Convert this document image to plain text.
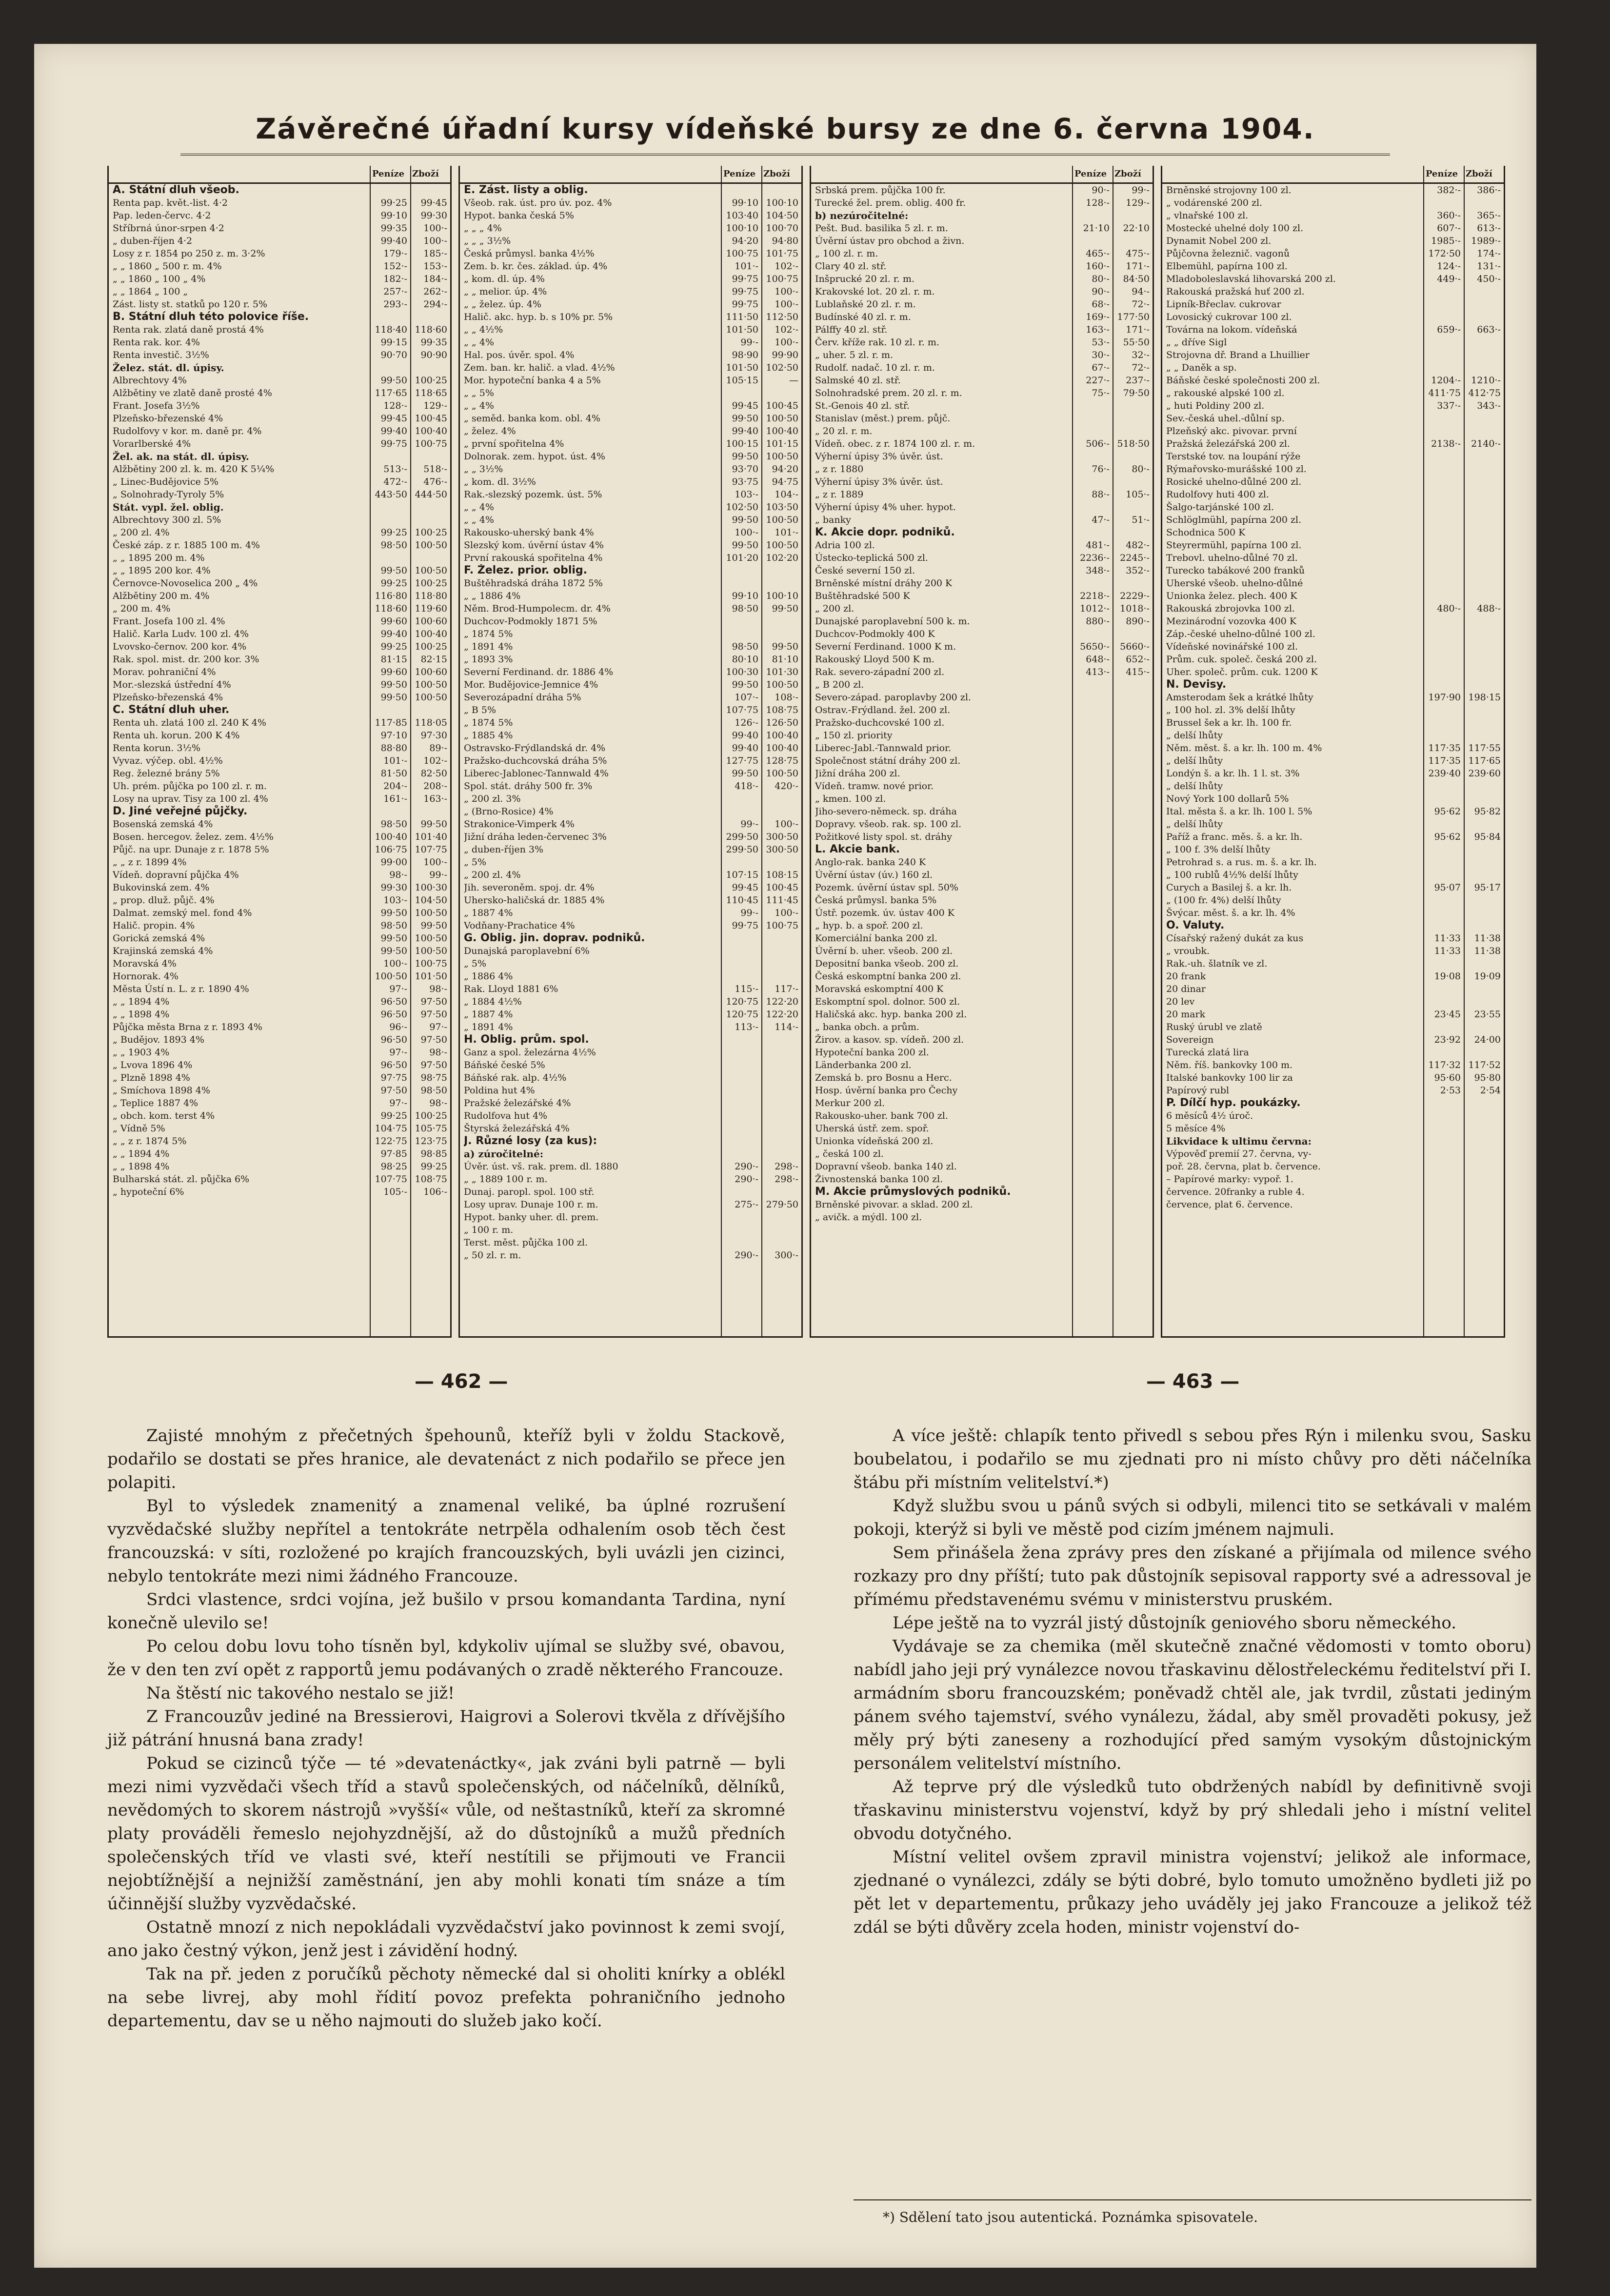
Závěrečné úřadní kursy vídeňské bursy ze dne 6. června 1904.
Peníze Zboží
A. Státní dluh všeob.
Renta pap. květ.-list. 4·2	99·25	99·45
Pap. leden-červc. 4·2	99·10	99·30
Stříbrná únor-srpen 4·2	99·35	100·-
„ duben-říjen 4·2	99·40	100·-
Losy z r. 1854 po 250 z. m. 3·2%	179·-	185·-
„ „ 1860 „ 500 r. m. 4%	152·-	153·-
„ „ 1860 „ 100 „ 4%	182·-	184·-
„ „ 1864 „ 100 „	257·-	262·-
Zást. listy st. statků po 120 r. 5%	293·-	294·-
B. Státní dluh této polovice říše.
Renta rak. zlatá daně prostá 4%	118·40 118·60
Renta rak. kor. 4%	99·15	99·35
Renta investič. 3½%	90·70	90·90
Želez. stát. dl. úpisy.
Albrechtovy 4%	99·50 100·25
Alžbětiny ve zlatě daně prosté 4%	117·65 118·65
Frant. Josefa 3½%	128·-	129·-
Plzeňsko-březenské 4%	99·45 100·45
Rudolfovy v kor. m. daně pr. 4%	99·40 100·40
Vorarlberské 4%	99·75 100·75
Žel. ak. na stát. dl. úpisy.
Alžbětiny 200 zl. k. m. 420 K 5¼%	513·-	518·-
„ Linec-Budějovice 5%	472·-	476·-
„ Solnohrady-Tyroly 5%	443·50 444·50
Stát. vypl. žel. oblig.
Albrechtovy 300 zl. 5%
„ 200 zl. 4%	99·25 100·25
České záp. z r. 1885 100 m. 4%	98·50 100·50
„ „ 1895 200 m. 4%
„ „ 1895 200 kor. 4%	99·50 100·50
Černovce-Novoselica 200 „ 4%	99·25 100·25
Alžbětiny 200 m. 4%	116·80 118·80
„ 200 m. 4%	118·60 119·60
Frant. Josefa 100 zl. 4%	99·60 100·60
Halič. Karla Ludv. 100 zl. 4%	99·40 100·40
Lvovsko-černov. 200 kor. 4%	99·25 100·25
Rak. spol. mist. dr. 200 kor. 3%	81·15	82·15
Morav. pohraniční 4%	99·60 100·60
Mor.-slezská ústřední 4%	99·50 100·50
Plzeňsko-březenská 4%	99·50 100·50
C. Státní dluh uher.
Renta uh. zlatá 100 zl. 240 K 4%	117·85 118·05
Renta uh. korun. 200 K 4%	97·10	97·30
Renta korun. 3½%	88·80	89·-
Vyvaz. výčep. obl. 4½%	101·-	102·-
Reg. železné brány 5%	81·50	82·50
Uh. prém. půjčka po 100 zl. r. m.	204·-	208·-
Losy na uprav. Tisy za 100 zl. 4%	161·-	163·-
D. Jiné veřejné půjčky.
Bosenská zemská 4%	98·50	99·50
Bosen. hercegov. želez. zem. 4½%	100·40 101·40
Půjč. na upr. Dunaje z r. 1878 5%	106·75 107·75
„ „ z r. 1899 4%	99·00	100·-
Vídeň. dopravní půjčka 4%	98·-	99·-
Bukovinská zem. 4%	99·30 100·30
„ prop. dluž. půjč. 4%	103·- 104·50
Dalmat. zemský mel. fond 4%	99·50 100·50
Halič. propin. 4%	98·50	99·50
Gorická zemská 4%	99·50 100·50
Krajinská zemská 4%	99·50 100·50
Moravská 4%	100·- 100·75
Hornorak. 4%	100·50 101·50
Města Ústí n. L. z r. 1890 4%	97·-	98·-
„ „ 1894 4%	96·50	97·50
„ „ 1898 4%	96·50	97·50
Půjčka města Brna z r. 1893 4%	96·-	97·-
„ Budějov. 1893 4%	96·50	97·50
„ „ 1903 4%	97·-	98·-
„ Lvova 1896 4%	96·50	97·50
„ Plzně 1898 4%	97·75	98·75
„ Smíchova 1898 4%	97·50	98·50
„ Teplice 1887 4%	97·-	98·-
„ obch. kom. terst 4%	99·25 100·25
„ Vídně 5%	104·75 105·75
„ „ z r. 1874 5%	122·75 123·75
„ „ 1894 4%	97·85	98·85
„ „ 1898 4%	98·25	99·25
Bulharská stát. zl. půjčka 6%	107·75 108·75
„ hypoteční 6%	105·-	106·-
Peníze Zboží
E. Zást. listy a oblig.
Všeob. rak. úst. pro úv. poz. 4%	99·10 100·10
Hypot. banka česká 5%	103·40 104·50
„ „ „ 4%	100·10 100·70
„ „ „ 3½%	94·20	94·80
Česká průmysl. banka 4½%	100·75 101·75
Zem. b. kr. čes. základ. úp. 4%	101·-	102·-
„ kom. dl. úp. 4%	99·75 100·75
„ „ melior. úp. 4%	99·75	100·-
„ „ želez. úp. 4%	99·75	100·-
Halič. akc. hyp. b. s 10% pr. 5%	111·50 112·50
„ „ 4½%	101·50	102·-
„ „ 4%	99·-	100·-
Hal. pos. úvěr. spol. 4%	98·90	99·90
Zem. ban. kr. halič. a vlad. 4½%	101·50 102·50
Mor. hypoteční banka 4 a 5%	105·15	—
„ „ 5%
„ „ 4%	99·45 100·45
„ seměd. banka kom. obl. 4%	99·50 100·50
„ želez. 4%	99·40 100·40
„ první spořitelna 4%	100·15 101·15
Dolnorak. zem. hypot. úst. 4%	99·50 100·50
„ „ 3½%	93·70	94·20
„ kom. dl. 3½%	93·75	94·75
Rak.-slezský pozemk. úst. 5%	103·-	104·-
„ „ 4%	102·50 103·50
„ „ 4%	99·50 100·50
Rakousko-uherský bank 4%	100·-	101·-
Slezský kom. úvěrní ústav 4%	99·50 100·50
První rakouská spořitelna 4%	101·20 102·20
F. Želez. prior. oblig.
Buštěhradská dráha 1872 5%
„ „ 1886 4%	99·10 100·10
Něm. Brod-Humpolecm. dr. 4%	98·50	99·50
Duchcov-Podmokly 1871 5%
„ 1874 5%
„ 1891 4%	98·50	99·50
„ 1893 3%	80·10	81·10
Severní Ferdinand. dr. 1886 4%	100·30 101·30
Mor. Budějovice-Jemnice 4%	99·50 100·50
Severozápadní dráha 5%	107·-	108·-
„ B 5%	107·75 108·75
„ 1874 5%	126·- 126·50
„ 1885 4%	99·40 100·40
Ostravsko-Frýdlandská dr. 4%	99·40 100·40
Pražsko-duchcovská dráha 5%	127·75 128·75
Liberec-Jablonec-Tannwald 4%	99·50 100·50
Spol. stát. dráhy 500 fr. 3%	418·-	420·-
„ 200 zl. 3%
„ (Brno-Rosice) 4%
Strakonice-Vimperk 4%	99·-	100·-
Jižní dráha leden-červenec 3%	299·50 300·50
„ duben-říjen 3%	299·50 300·50
„ 5%
„ 200 zl. 4%	107·15 108·15
Jih. severoněm. spoj. dr. 4%	99·45 100·45
Uhersko-haličská dr. 1885 4%	110·45 111·45
„ 1887 4%	99·-	100·-
Vodňany-Prachatice 4%	99·75 100·75
G. Oblig. jin. doprav. podniků.
Dunajská paroplavební 6%
„ 5%
„ 1886 4%
Rak. Lloyd 1881 6%	115·-	117·-
„ 1884 4½%	120·75 122·20
„ 1887 4%	120·75 122·20
„ 1891 4%	113·-	114·-
H. Oblig. prům. spol.
Ganz a spol. železárna 4½%
Báňské české 5%
Báňské rak. alp. 4½%
Poldina hut 4%
Pražské železářské 4%
Rudolfova hut 4%
Štyrská železářská 4%
J. Různé losy (za kus):
a) zúročitelné:
Úvěr. úst. vš. rak. prem. dl. 1880	290·-	298·-
„ „ 1889 100 r. m.	290·-	298·-
Dunaj. paropl. spol. 100 stř.
Losy uprav. Dunaje 100 r. m.	275·- 279·50
Hypot. banky uher. dl. prem.
„ 100 r. m.
Terst. měst. půjčka 100 zl.
„ 50 zl. r. m.	290·-	300·-
Peníze Zboží
Srbská prem. půjčka 100 fr.	90·-	99·-
Turecké žel. prem. oblig. 400 fr.	128·-	129·-
b) nezúročitelné:
Pešt. Bud. basilika 5 zl. r. m.	21·10	22·10
Úvěrní ústav pro obchod a živn.
„ 100 zl. r. m.	465·-	475·-
Clary 40 zl. stř.	160·-	171·-
Inšprucké 20 zl. r. m.	80·-	84·50
Krakovské lot. 20 zl. r. m.	90·-	94·-
Lublaňské 20 zl. r. m.	68·-	72·-
Budínské 40 zl. r. m.	169·- 177·50
Pálffy 40 zl. stř.	163·-	171·-
Červ. kříže rak. 10 zl. r. m.	53·-	55·50
„ uher. 5 zl. r. m.	30·-	32·-
Rudolf. nadač. 10 zl. r. m.	67·-	72·-
Salmské 40 zl. stř.	227·-	237·-
Solnohradské prem. 20 zl. r. m.	75·-	79·50
St.-Genois 40 zl. stř.
Stanislav (měst.) prem. půjč.
„ 20 zl. r. m.
Vídeň. obec. z r. 1874 100 zl. r. m.	506·- 518·50
Výherní úpisy 3% úvěr. úst.
„ z r. 1880	76·-	80·-
Výherní úpisy 3% úvěr. úst.
„ z r. 1889	88·-	105·-
Výherní úpisy 4% uher. hypot.
„ banky	47·-	51·-
K. Akcie dopr. podniků.
Adria 100 zl.	481·-	482·-
Ústecko-teplická 500 zl.	2236·-	2245·-
České severní 150 zl.	348·-	352·-
Brněnské místní dráhy 200 K
Buštěhradské 500 K	2218·-	2229·-
„ 200 zl.	1012·-	1018·-
Dunajské paroplavební 500 k. m.	880·-	890·-
Duchcov-Podmokly 400 K
Severní Ferdinand. 1000 K m.	5650·-	5660·-
Rakouský Lloyd 500 K m.	648·-	652·-
Rak. severo-západní 200 zl.	413·-	415·-
„ B 200 zl.
Severo-západ. paroplavby 200 zl.
Ostrav.-Frýdland. žel. 200 zl.
Pražsko-duchcovské 100 zl.
„ 150 zl. priority
Liberec-Jabl.-Tannwald prior.
Společnost státní dráhy 200 zl.
Jižní dráha 200 zl.
Vídeň. tramw. nové prior.
„ kmen. 100 zl.
Jiho-severo-německ. sp. dráha
Dopravy. všeob. rak. sp. 100 zl.
Požitkové listy spol. st. dráhy
L. Akcie bank.
Anglo-rak. banka 240 K
Úvěrní ústav (úv.) 160 zl.
Pozemk. úvěrní ústav spl. 50%
Česká průmysl. banka 5%
Ústř. pozemk. úv. ústav 400 K
„ hyp. b. a spoř. 200 zl.
Komerciální banka 200 zl.
Úvěrní b. uher. všeob. 200 zl.
Depositní banka všeob. 200 zl.
Česká eskomptní banka 200 zl.
Moravská eskomptní 400 K
Eskomptní spol. dolnor. 500 zl.
Haličská akc. hyp. banka 200 zl.
„ banka obch. a prům.
Žirov. a kasov. sp. vídeň. 200 zl.
Hypoteční banka 200 zl.
Länderbanka 200 zl.
Zemská b. pro Bosnu a Herc.
Hosp. úvěrní banka pro Čechy
Merkur 200 zl.
Rakousko-uher. bank 700 zl.
Uherská ústř. zem. spoř.
Unionka vídeňská 200 zl.
„ česká 100 zl.
Dopravní všeob. banka 140 zl.
Živnostenská banka 100 zl.
M. Akcie průmyslových podniků.
Brněnské pivovar. a sklad. 200 zl.
„ avičk. a mýdl. 100 zl.
Peníze Zboží
Brněnské strojovny 100 zl.	382·-	386·-
„ vodárenské 200 zl.
„ vlnařské 100 zl.	360·-	365·-
Mostecké uhelné doly 100 zl.	607·-	613·-
Dynamit Nobel 200 zl.	1985·-	1989·-
Půjčovna železnič. vagonů	172·50	174·-
Elbemühl, papírna 100 zl.	124·-	131·-
Mladoboleslavská lihovarská 200 zl.	449·-	450·-
Rakouská pražská huť 200 zl.
Lipník-Břeclav. cukrovar
Lovosický cukrovar 100 zl.
Továrna na lokom. vídeňská	659·-	663·-
„ „ dříve Sigl
Strojovna dř. Brand a Lhuillier
„ „ Daněk a sp.
Báňské české společnosti 200 zl.	1204·-	1210·-
„ rakouské alpské 100 zl.	411·75 412·75
„ huti Poldiny 200 zl.	337·-	343·-
Sev.-česká uhel.-důlní sp.
Plzeňský akc. pivovar. první
Pražská železářská 200 zl.	2138·-	2140·-
Terstské tov. na loupání rýže
Rýmařovsko-murášské 100 zl.
Rosické uhelno-důlné 200 zl.
Rudolfovy huti 400 zl.
Šalgo-tarjánské 100 zl.
Schlöglmühl, papírna 200 zl.
Schodnica 500 K
Steyrermühl, papírna 100 zl.
Trebovl. uhelno-důlné 70 zl.
Turecko tabákové 200 franků
Uherské všeob. uhelno-důlné
Unionka želez. plech. 400 K
Rakouská zbrojovka 100 zl.	480·-	488·-
Mezinárodní vozovka 400 K
Záp.-české uhelno-důlné 100 zl.
Vídeňské novinářské 100 zl.
Prům. cuk. společ. česká 200 zl.
Uher. společ. prům. cuk. 1200 K
N. Devisy.
Amsterodam šek a krátké lhůty	197·90 198·15
„ 100 hol. zl. 3% delší lhůty
Brussel šek a kr. lh. 100 fr.
„ delší lhůty
Něm. měst. š. a kr. lh. 100 m. 4%	117·35 117·55
„ delší lhůty	117·35 117·65
Londýn š. a kr. lh. 1 l. st. 3%	239·40 239·60
„ delší lhůty
Nový York 100 dollarů 5%
Ital. města š. a kr. lh. 100 l. 5%	95·62	95·82
„ delší lhůty
Paříž a franc. měs. š. a kr. lh.	95·62	95·84
„ 100 f. 3% delší lhůty
Petrohrad s. a rus. m. š. a kr. lh.
„ 100 rublů 4½% delší lhůty
Curych a Basilej š. a kr. lh.	95·07	95·17
„ (100 fr. 4%) delší lhůty
Švýcar. měst. š. a kr. lh. 4%
O. Valuty.
Císařský ražený dukát za kus	11·33	11·38
„ vroubk.	11·33	11·38
Rak.-uh. šlatník ve zl.
20 frank	19·08	19·09
20 dinar
20 lev
20 mark	23·45	23·55
Ruský úrubl ve zlatě
Sovereign	23·92	24·00
Turecká zlatá lira
Něm. říš. bankovky 100 m.	117·32 117·52
Italské bankovky 100 lir za	95·60	95·80
Papírový rubl	2·53	2·54
P. Dílčí hyp. poukázky.
6 měsíců 4½ úroč.
5 měsíce 4%
Likvidace k ultimu června:
Výpověď premií 27. června, vy-
poř. 28. června, plat b. července.
– Papírové marky: vypoř. 1.
července. 20franky a ruble 4.
července, plat 6. července.
— 462 —	— 463 —

Zajisté mnohým z přečetných špehounů, kteříž byli v žoldu Stackově, podařilo se dostati se přes hranice, ale devatenáct z nich podařilo se přece jen polapiti.

Byl to výsledek znamenitý a znamenal veliké, ba úplné rozrušení vyzvědačské služby nepřítel a tentokráte netrpěla odhalením osob těch čest francouzská: v síti, rozložené po krajích francouzských, byli uvázli jen cizinci, nebylo tentokráte mezi nimi žádného Francouze.

Srdci vlastence, srdci vojína, jež bušilo v prsou komandanta Tardina, nyní konečně ulevilo se!

Po celou dobu lovu toho tísněn byl, kdykoliv ujímal se služby své, obavou, že v den ten zví opět z rapportů jemu podávaných o zradě některého Francouze.

Na štěstí nic takového nestalo se již!

Z Francouzův jediné na Bressierovi, Haigrovi a Solerovi tkvěla z dřívějšího již pátrání hnusná bana zrady!

Pokud se cizinců týče — té »devatenáctky«, jak zváni byli patrně — byli mezi nimi vyzvědači všech tříd a stavů společenských, od náčelníků, dělníků, nevědomých to skorem nástrojů »vyšší« vůle, od neštastníků, kteří za skromné platy prováděli řemeslo nejohyzdnější, až do důstojníků a mužů předních společenských tříd ve vlasti své, kteří nestítili se přijmouti ve Francii nejobtížnější a nejnižší zaměstnání, jen aby mohli konati tím snáze a tím účinnější služby vyzvědačské.

Ostatně mnozí z nich nepokládali vyzvědačství jako povinnost k zemi svojí, ano jako čestný výkon, jenž jest i závidění hodný.

Tak na př. jeden z poručíků pěchoty německé dal si oholiti knírky a oblékl na sebe livrej, aby mohl řídití povoz prefekta pohraničního jednoho departementu, dav se u něho najmouti do služeb jako kočí.

A více ještě: chlapík tento přivedl s sebou přes Rýn i milenku svou, Sasku boubelatou, i podařilo se mu zjednati pro ni místo chůvy pro děti náčelníka štábu při místním velitelství.*)

Když službu svou u pánů svých si odbyli, milenci tito se setkávali v malém pokoji, kterýž si byli ve městě pod cizím jménem najmuli.

Sem přinášela žena zprávy pres den získané a přijímala od milence svého rozkazy pro dny příští; tuto pak důstojník sepisoval rapporty své a adressoval je přímému představenému svému v ministerstvu pruském.

Lépe ještě na to vyzrál jistý důstojník geniového sboru německého.

Vydávaje se za chemika (měl skutečně značné vědomosti v tomto oboru) nabídl jaho jeji prý vynálezce novou třaskavinu dělostřeleckému ředitelství při I. armádním sboru francouzském; poněvadž chtěl ale, jak tvrdil, zůstati jediným pánem svého tajemství, svého vynálezu, žádal, aby směl provaděti pokusy, jež měly prý býti zaneseny a rozhodující před samým vysokým důstojnickým personálem velitelství místního.

Až teprve prý dle výsledků tuto obdržených nabídl by definitivně svoji třaskavinu ministerstvu vojenství, když by prý shledali jeho i místní velitel obvodu dotyčného.

Místní velitel ovšem zpravil ministra vojenství; jelikož ale informace, zjednané o vynálezci, zdály se býti dobré, bylo tomuto umožněno bydleti již po pět let v departementu, průkazy jeho uváděly jej jako Francouze a jelikož též zdál se býti důvěry zcela hoden, ministr vojenství do-

*) Sdělení tato jsou autentická. Poznámka spisovatele.
